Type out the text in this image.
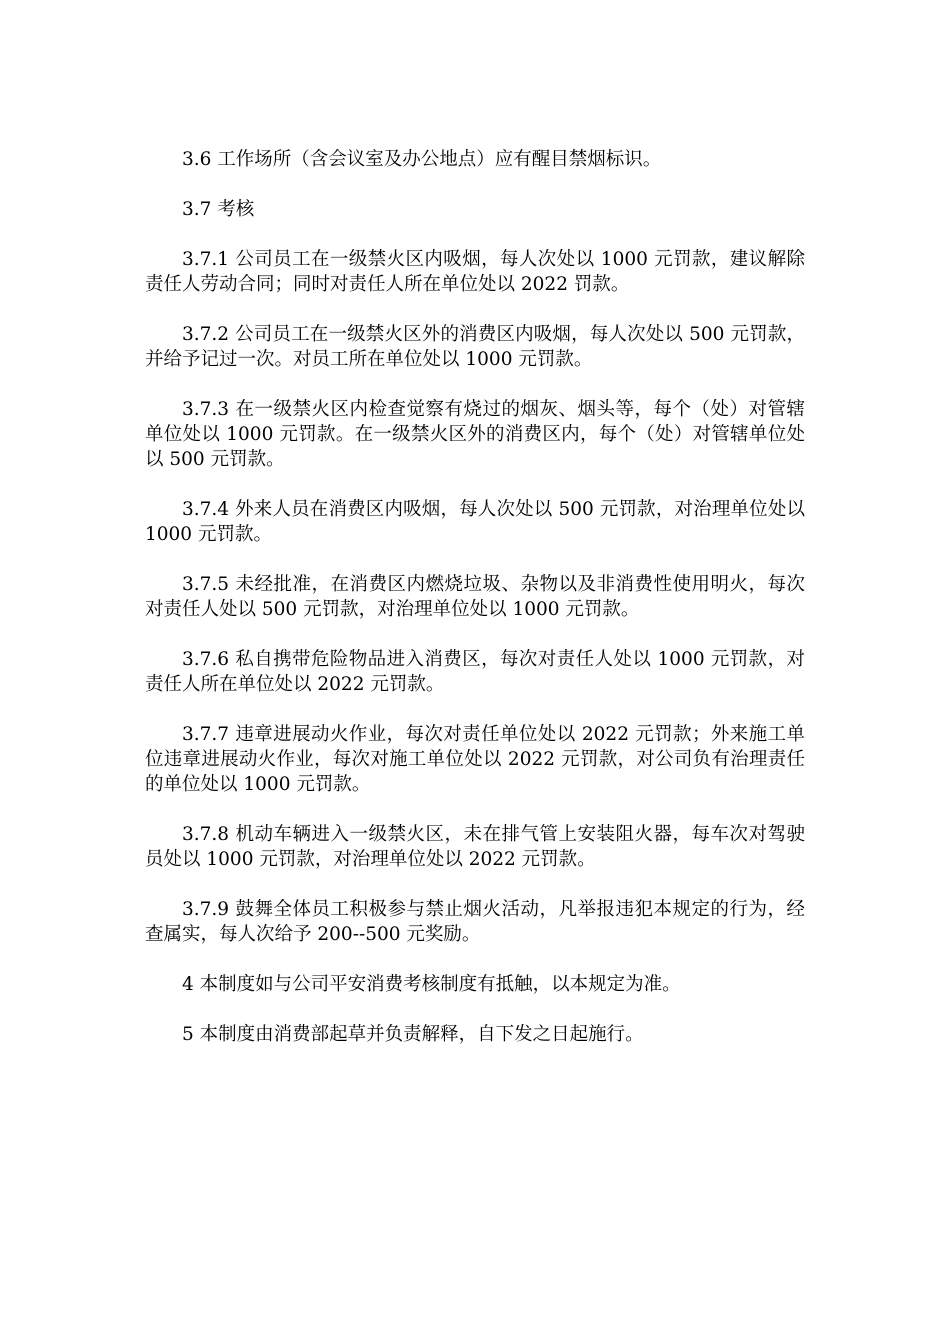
3.6 工作场所（含会议室及办公地点）应有醒目禁烟标识。

3.7 考核

3.7.1 公司员工在一级禁火区内吸烟，每人次处以 1000 元罚款，建议解除责任人劳动合同；同时对责任人所在单位处以 2022 罚款。

3.7.2 公司员工在一级禁火区外的消费区内吸烟，每人次处以 500 元罚款，并给予记过一次。对员工所在单位处以 1000 元罚款。

3.7.3 在一级禁火区内检查觉察有烧过的烟灰、烟头等，每个（处）对管辖单位处以 1000 元罚款。在一级禁火区外的消费区内，每个（处）对管辖单位处以 500 元罚款。

3.7.4 外来人员在消费区内吸烟，每人次处以 500 元罚款，对治理单位处以 1000 元罚款。

3.7.5 未经批准，在消费区内燃烧垃圾、杂物以及非消费性使用明火，每次对责任人处以 500 元罚款，对治理单位处以 1000 元罚款。

3.7.6 私自携带危险物品进入消费区，每次对责任人处以 1000 元罚款，对责任人所在单位处以 2022 元罚款。

3.7.7 违章进展动火作业，每次对责任单位处以 2022 元罚款；外来施工单位违章进展动火作业，每次对施工单位处以 2022 元罚款，对公司负有治理责任的单位处以 1000 元罚款。

3.7.8 机动车辆进入一级禁火区，未在排气管上安装阻火器，每车次对驾驶员处以 1000 元罚款，对治理单位处以 2022 元罚款。

3.7.9 鼓舞全体员工积极参与禁止烟火活动，凡举报违犯本规定的行为，经查属实，每人次给予 200--500 元奖励。

4 本制度如与公司平安消费考核制度有抵触，以本规定为准。

5 本制度由消费部起草并负责解释，自下发之日起施行。
